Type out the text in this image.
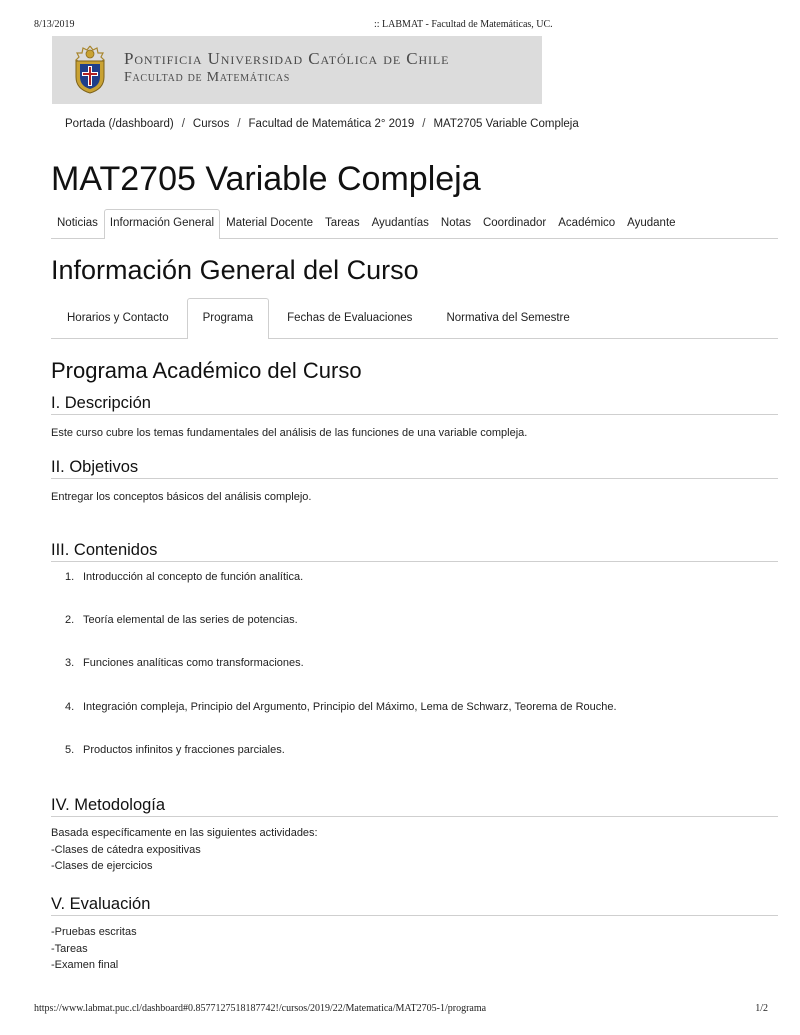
8/13/2019	:: LABMAT - Facultad de Matemáticas, UC.
Pontificia Universidad Católica de Chile
Facultad de Matemáticas
Portada (/dashboard) / Cursos / Facultad de Matemática 2° 2019 / MAT2705 Variable Compleja
MAT2705 Variable Compleja
Noticias	Información General	Material Docente	Tareas	Ayudantías	Notas	Coordinador	Académico	Ayudante
Información General del Curso
Horarios y Contacto	Programa	Fechas de Evaluaciones	Normativa del Semestre
Programa Académico del Curso
I. Descripción

Este curso cubre los temas fundamentales del análisis de las funciones de una variable compleja.

II. Objetivos

Entregar los conceptos básicos del análisis complejo.

III. Contenidos
1. Introducción al concepto de función analítica.
2. Teoría elemental de las series de potencias.
3. Funciones analíticas como transformaciones.
4. Integración compleja, Principio del Argumento, Principio del Máximo, Lema de Schwarz, Teorema de Rouche.
5. Productos infinitos y fracciones parciales.
IV. Metodología
Basada específicamente en las siguientes actividades:
-Clases de cátedra expositivas
-Clases de ejercicios
V. Evaluación
-Pruebas escritas
-Tareas
-Examen final
https://www.labmat.puc.cl/dashboard#0.8577127518187742!/cursos/2019/22/Matematica/MAT2705-1/programa	1/2
